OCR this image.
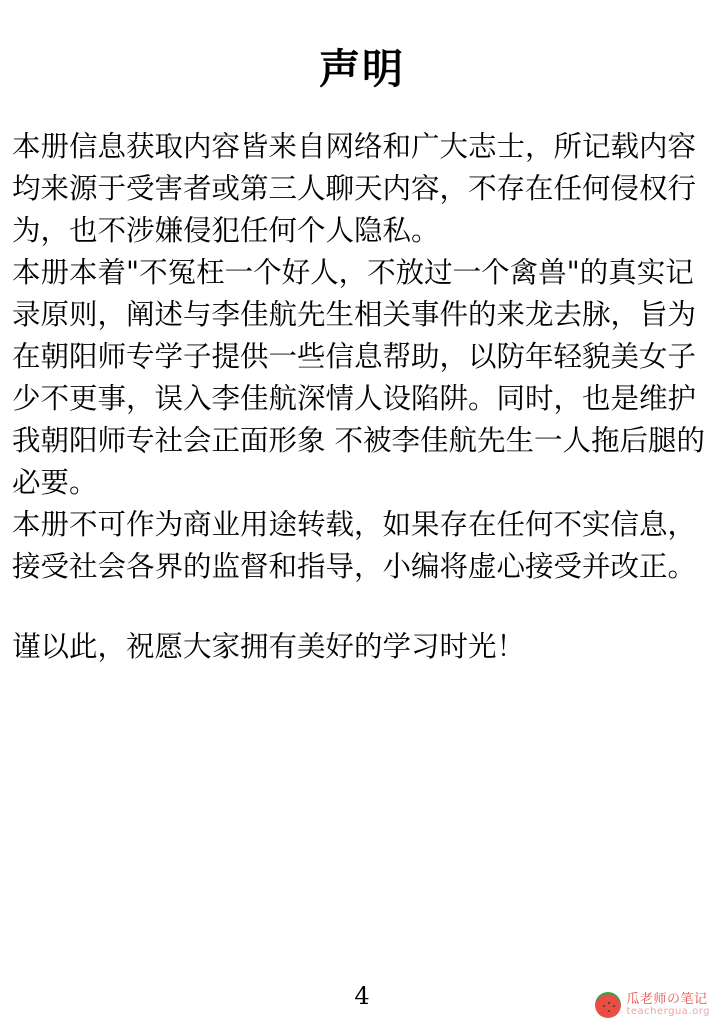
声明

本册信息获取内容皆来自网络和广大志士，所记载内容均来源于受害者或第三人聊天内容，不存在任何侵权行为，也不涉嫌侵犯任何个人隐私。

本册本着"不冤枉一个好人，不放过一个禽兽"的真实记录原则，阐述与李佳航先生相关事件的来龙去脉，旨为在朝阳师专学子提供一些信息帮助，以防年轻貌美女子少不更事，误入李佳航深情人设陷阱。同时，也是维护我朝阳师专社会正面形象 不被李佳航先生一人拖后腿的必要。

本册不可作为商业用途转载，如果存在任何不实信息，接受社会各界的监督和指导，小编将虚心接受并改正。

谨以此，祝愿大家拥有美好的学习时光！

4	瓜老师の笔记
teachergua.org
